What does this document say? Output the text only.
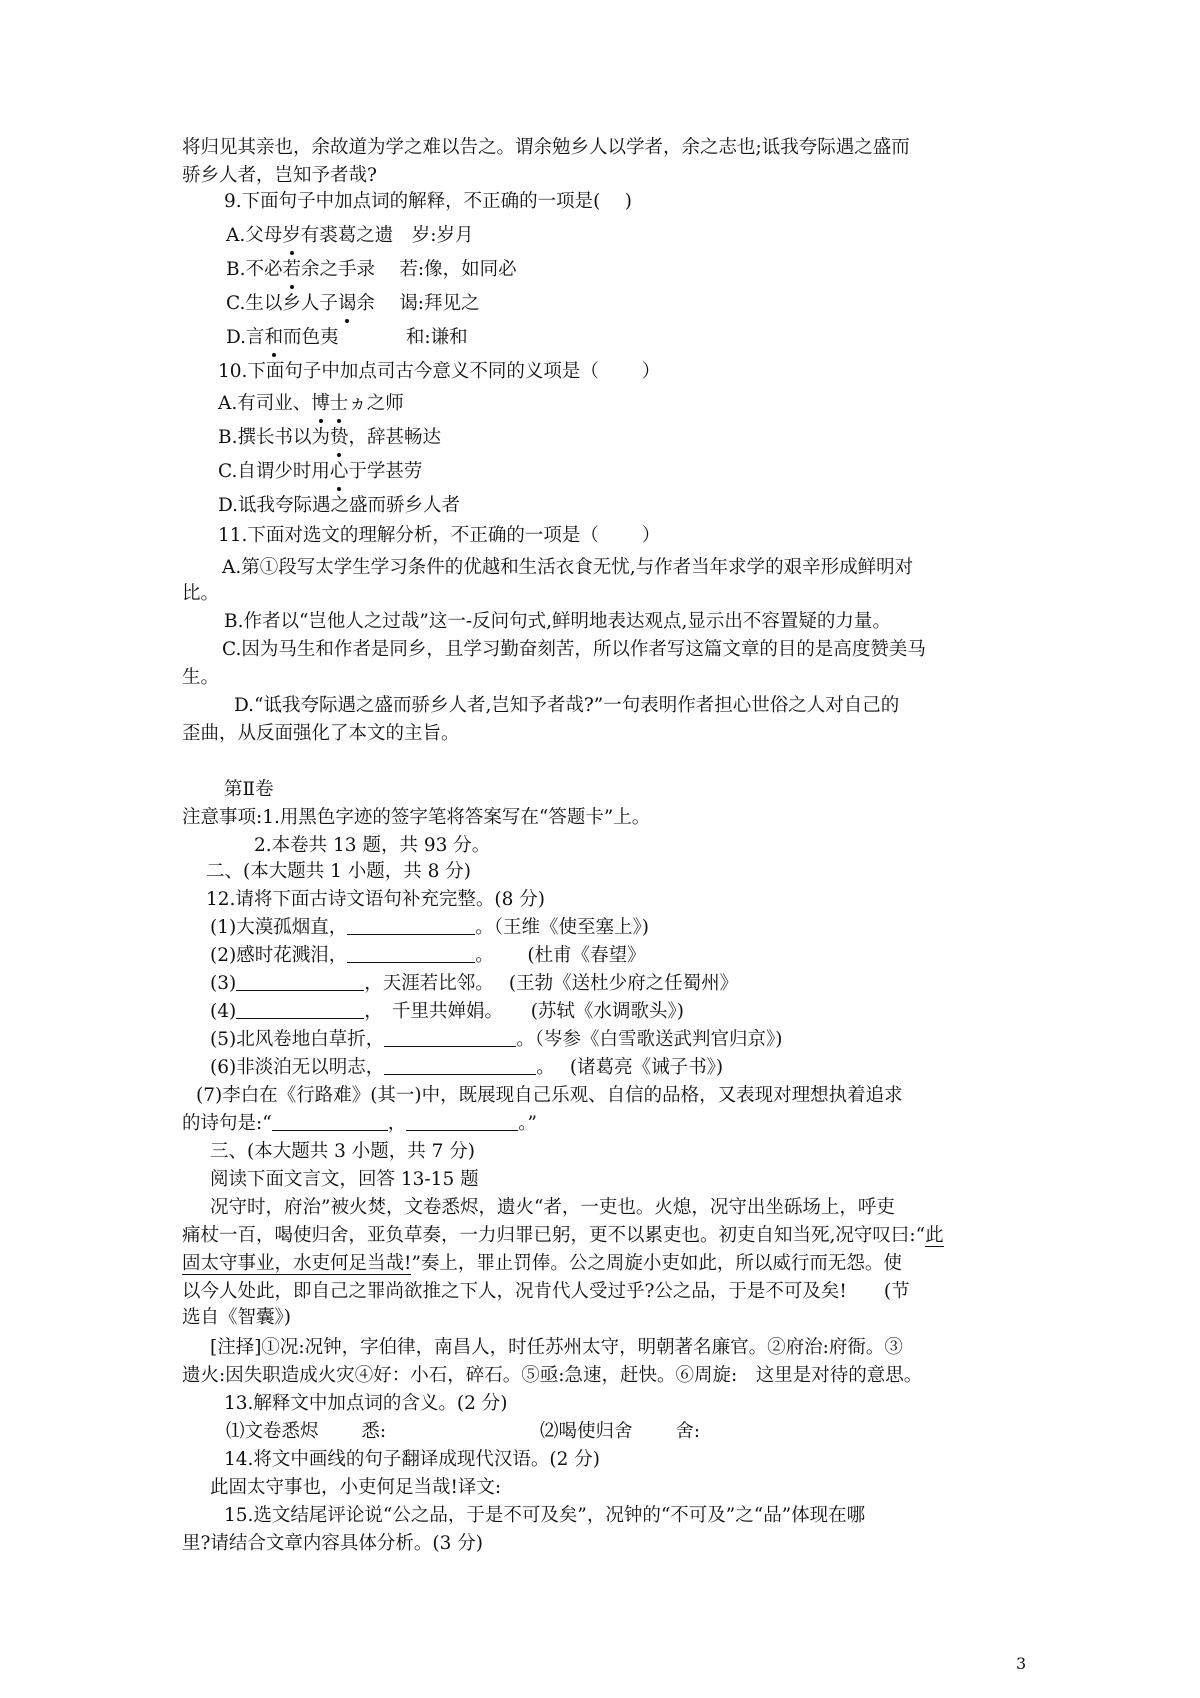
将归见其亲也，余故道为学之难以告之。谓余勉乡人以学者，余之志也;诋我夸际遇之盛而
骄乡人者，岂知予者哉?
9.下面句子中加点词的解释，不正确的一项是(　 )
A.父母岁有裘葛之遗　岁:岁月
B.不必若余之手录　 若:像，如同必
C.生以乡人子谒余　 谒:拜见之
D.言和而色夷　 　 　和:谦和
10.下面句子中加点司古今意义不同的义项是（　 　）
A.有司业、博士ヵ之师
B.撰长书以为贽，辞甚畅达
C.自谓少时用心于学甚劳
D.诋我夸际遇之盛而骄乡人者
11.下面对选文的理解分析，不正确的一项是（　　 ）
A.第①段写太学生学习条件的优越和生活衣食无忧,与作者当年求学的艰辛形成鲜明对
比。
B.作者以“岂他人之过哉”这一-反问句式,鲜明地表达观点,显示出不容置疑的力量。
C.因为马生和作者是同乡，且学习勤奋刻苦，所以作者写这篇文章的目的是高度赞美马
生。
D.“诋我夸际遇之盛而骄乡人者,岂知予者哉?”一句表明作者担心世俗之人对自己的
歪曲，从反面强化了本文的主旨。
第Ⅱ卷
注意事项:1.用黑色字迹的签字笔将答案写在“答题卡”上。
2.本卷共 13 题，共 93 分。
二、(本大题共 1 小题，共 8 分)
12.请将下面古诗文语句补充完整。(8 分)
(1)大漠孤烟直，	。（王维《使至塞上》)
(2)感时花溅泪，	。　　 (杜甫《春望》
(3)	，天涯若比邻。　 (王勃《送杜少府之任蜀州》
(4)	，　千里共婵娟。　　(苏轼《水调歌头》)
(5)北风卷地白草折，	。（岑参《白雪歌送武判官归京》)
(6)非淡泊无以明志，	。　 (诸葛亮《诫子书》)
(7)李白在《行路难》(其一)中，既展现自己乐观、自信的品格，又表现对理想执着追求
的诗句是:“	，	。”
三、(本大题共 3 小题，共 7 分)
阅读下面文言文，回答 13-15 题
况守时，府治”被火焚，文卷悉烬，遗火“者，一吏也。火熄，况守出坐砾场上，呼吏
痛杖一百，喝使归舍，亚负草奏，一力归罪已躬，更不以累吏也。初吏自知当死,况守叹曰:“此
固太守事业，水吏何足当哉!”奏上，罪止罚俸。公之周旋小吏如此，所以威行而无怨。使
以今人处此，即自己之罪尚欲推之下人，况肯代人受过乎?公之品，于是不可及矣!　　(节
选自《智囊》)
[注择]①况:况钟，字伯律，南昌人，时任苏州太守，明朝著名廉官。②府治:府衙。③
遗火:因失职造成火灾④好：小石，碎石。⑤亟:急速，赶快。⑥周旋:　这里是对待的意思。
13.解释文中加点词的含义。(2 分)
⑴文卷悉烬　　 悉:　　　　　　　　 ⑵喝使归舍　　 舍:
14.将文中画线的句子翻译成现代汉语。(2 分)
此固太守事也，小吏何足当哉!译文:
15.选文结尾评论说“公之品，于是不可及矣”，况钟的“不可及”之“品”体现在哪
里?请结合文章内容具体分析。(3 分)
3
